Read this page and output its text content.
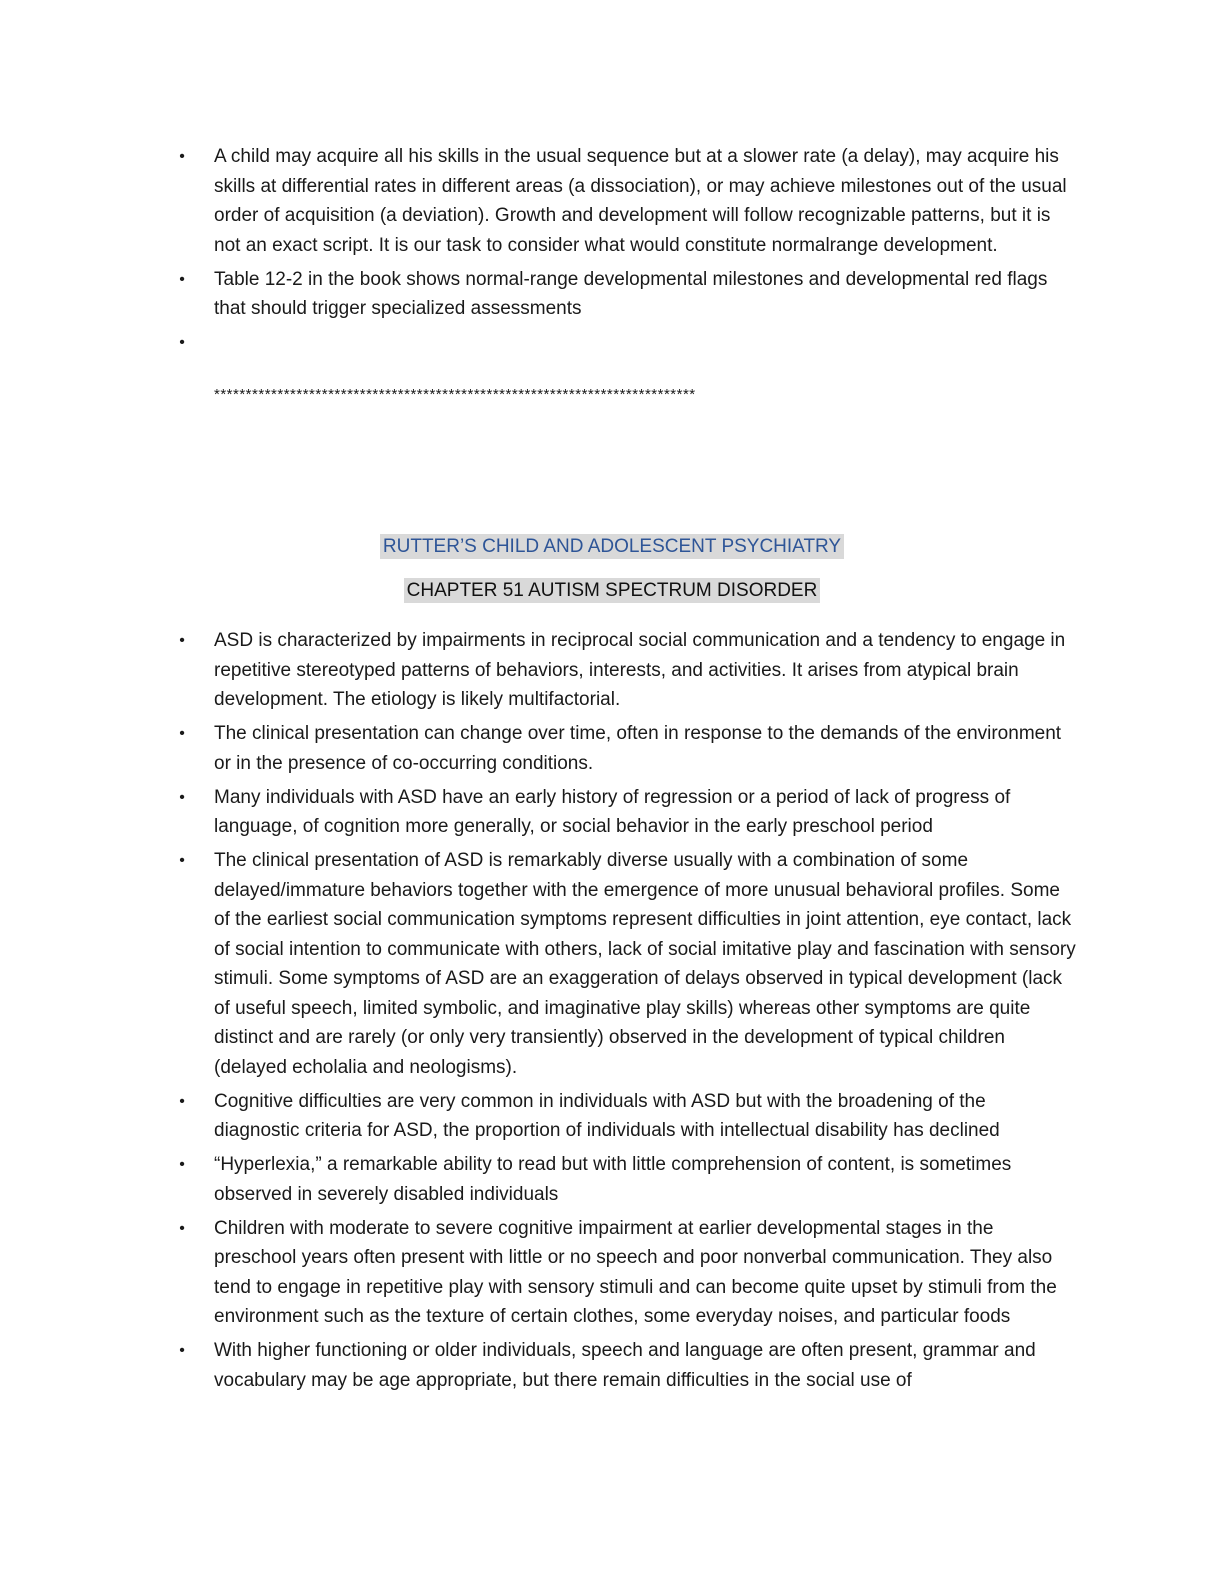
• A child may acquire all his skills in the usual sequence but at a slower rate (a delay), may acquire his skills at differential rates in different areas (a dissociation), or may achieve milestones out of the usual order of acquisition (a deviation). Growth and development will follow recognizable patterns, but it is not an exact script. It is our task to consider what would constitute normalrange development.
• Table 12-2 in the book shows normal-range developmental milestones and developmental red flags that should trigger specialized assessments
•
****************************************************************************
RUTTER’S CHILD AND ADOLESCENT PSYCHIATRY
CHAPTER 51 AUTISM SPECTRUM DISORDER
• ASD is characterized by impairments in reciprocal social communication and a tendency to engage in repetitive stereotyped patterns of behaviors, interests, and activities. It arises from atypical brain development. The etiology is likely multifactorial.
• The clinical presentation can change over time, often in response to the demands of the environment or in the presence of co-occurring conditions.
• Many individuals with ASD have an early history of regression or a period of lack of progress of language, of cognition more generally, or social behavior in the early preschool period
• The clinical presentation of ASD is remarkably diverse usually with a combination of some delayed/immature behaviors together with the emergence of more unusual behavioral profiles. Some of the earliest social communication symptoms represent difficulties in joint attention, eye contact, lack of social intention to communicate with others, lack of social imitative play and fascination with sensory stimuli. Some symptoms of ASD are an exaggeration of delays observed in typical development (lack of useful speech, limited symbolic, and imaginative play skills) whereas other symptoms are quite distinct and are rarely (or only very transiently) observed in the development of typical children (delayed echolalia and neologisms).
• Cognitive difficulties are very common in individuals with ASD but with the broadening of the diagnostic criteria for ASD, the proportion of individuals with intellectual disability has declined
• “Hyperlexia,” a remarkable ability to read but with little comprehension of content, is sometimes observed in severely disabled individuals
• Children with moderate to severe cognitive impairment at earlier developmental stages in the preschool years often present with little or no speech and poor nonverbal communication. They also tend to engage in repetitive play with sensory stimuli and can become quite upset by stimuli from the environment such as the texture of certain clothes, some everyday noises, and particular foods
• With higher functioning or older individuals, speech and language are often present, grammar and vocabulary may be age appropriate, but there remain difficulties in the social use of
